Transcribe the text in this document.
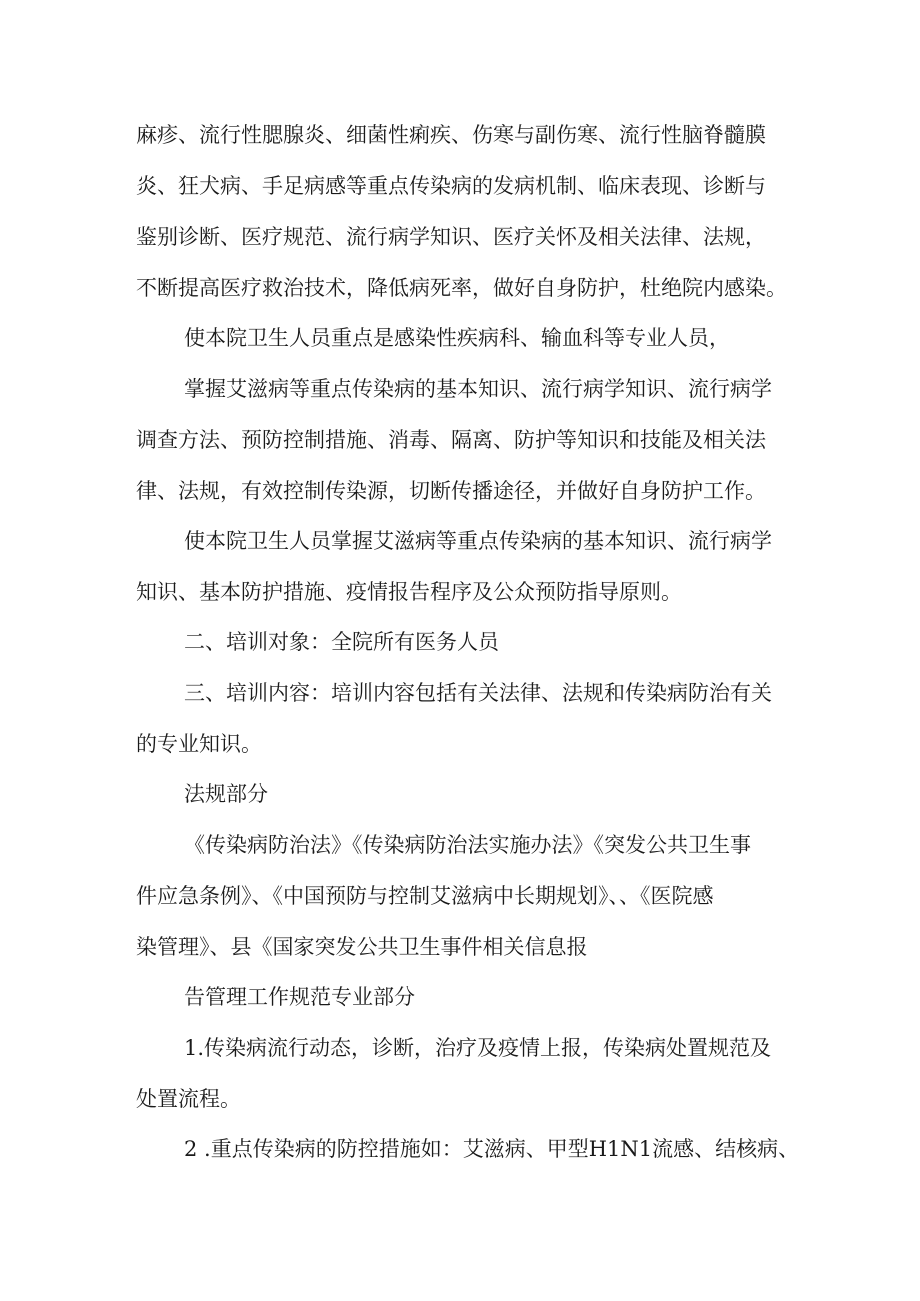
麻疹、流行性腮腺炎、细菌性痢疾、伤寒与副伤寒、流行性脑脊髓膜
炎、狂犬病、手足病感等重点传染病的发病机制、临床表现、诊断与
鉴别诊断、医疗规范、流行病学知识、医疗关怀及相关法律、法规，
不断提高医疗救治技术，降低病死率，做好自身防护，杜绝院内感染。
使本院卫生人员重点是感染性疾病科、输血科等专业人员，
掌握艾滋病等重点传染病的基本知识、流行病学知识、流行病学
调查方法、预防控制措施、消毒、隔离、防护等知识和技能及相关法
律、法规，有效控制传染源，切断传播途径，并做好自身防护工作。
使本院卫生人员掌握艾滋病等重点传染病的基本知识、流行病学
知识、基本防护措施、疫情报告程序及公众预防指导原则。
二、培训对象：全院所有医务人员
三、培训内容：培训内容包括有关法律、法规和传染病防治有关
的专业知识。
法规部分
《传染病防治法》《传染病防治法实施办法》《突发公共卫生事
件应急条例》、《中国预防与控制艾滋病中长期规划》、、《医院感
染管理》、县《国家突发公共卫生事件相关信息报
告管理工作规范专业部分
1.传染病流行动态，诊断，治疗及疫情上报，传染病处置规范及
处置流程。
2 .重点传染病的防控措施如：艾滋病、甲型H1N1流感、结核病、
